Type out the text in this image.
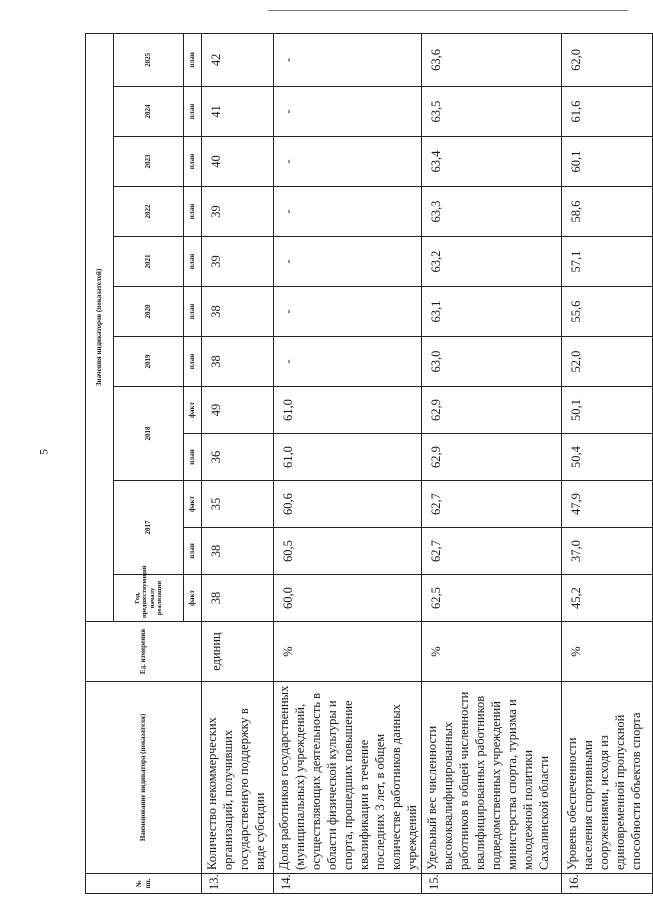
5
№ пп.	Наименование индикатора (показателя)	Ед. измерения	Значения индикаторов (показателей)											
			Год, предшествующий началу реализации	2017		2018		2019	2020	2021	2022	2023	2024	2025
			факт	план	факт	план	факт	план	план	план	план	план	план	план
13.	Количество некоммерческих организаций, получивших государственную поддержку в виде субсидии	единиц	38	38	35	36	49	38	38	39	39	40	41	42
14.	Доля работников государственных (муниципальных) учреждений, осуществляющих деятельность в области физической культуры и спорта, прошедших повышение квалификации в течение последних 3 лет, в общем количестве работников данных учреждений	%	60,0	60,5	60,6	61,0	61,0	-	-	-	-	-	-	-
15.	Удельный вес численности высококвалифицированных работников в общей численности квалифицированных работников подведомственных учреждений министерства спорта, туризма и молодежной политики Сахалинской области	%	62,5	62,7	62,7	62,9	62,9	63,0	63,1	63,2	63,3	63,4	63,5	63,6
16.	Уровень обеспеченности населения спортивными сооружениями, исходя из единовременной пропускной способности объектов спорта	%	45,2	37,0	47,9	50,4	50,1	52,0	55,6	57,1	58,6	60,1	61,6	62,0
